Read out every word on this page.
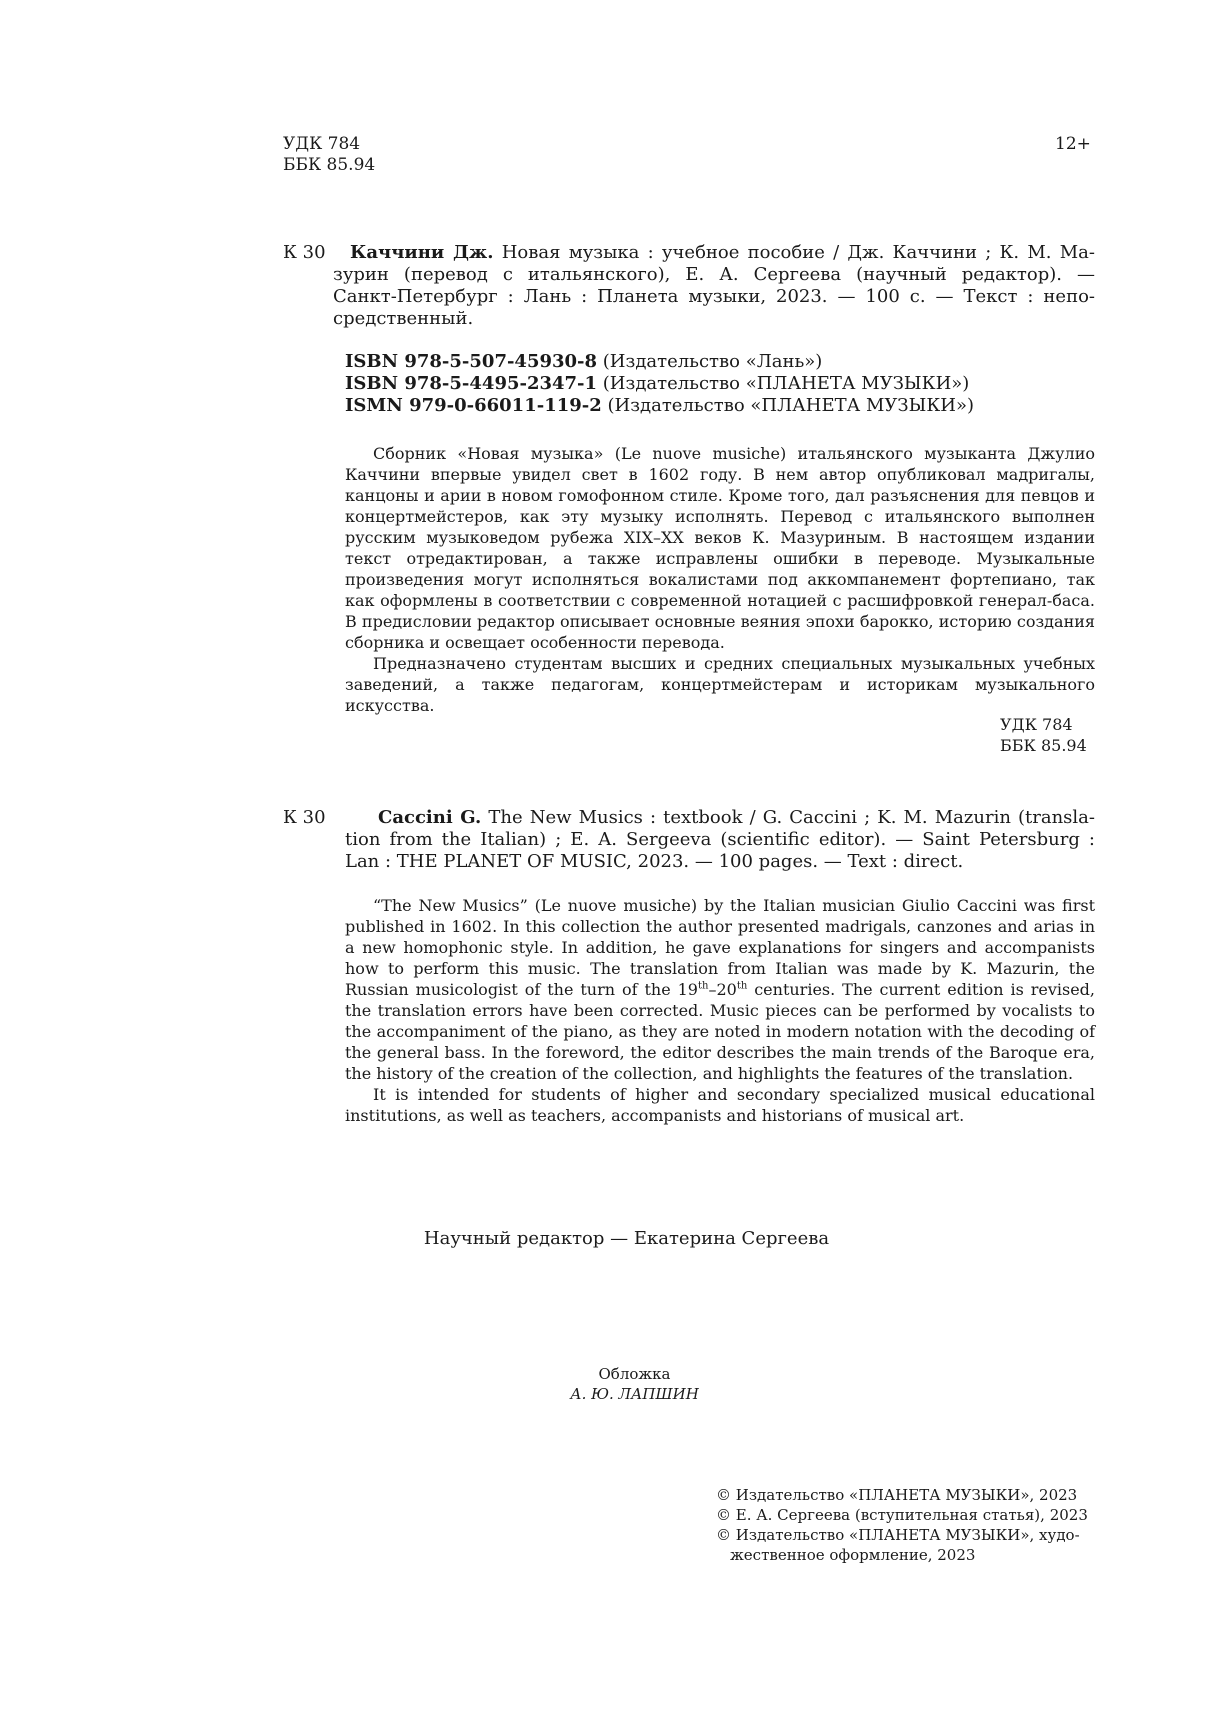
УДК 784
ББК 85.94
12+
К 30 Каччини Дж. Новая музыка : учебное пособие / Дж. Каччини ; К. М. Ма-
зурин (перевод с итальянского), Е. А. Сергеева (научный редактор). —
Санкт-Петербург : Лань : Планета музыки, 2023. — 100 с. — Текст : непо-
средственный.
ISBN 978-5-507-45930-8 (Издательство «Лань»)
ISBN 978-5-4495-2347-1 (Издательство «ПЛАНЕТА МУЗЫКИ»)
ISMN 979-0-66011-119-2 (Издательство «ПЛАНЕТА МУЗЫКИ»)

Сборник «Новая музыка» (Le nuove musiche) итальянского музыканта Джулио Каччини впервые увидел свет в 1602 году. В нем автор опубликовал мадригалы, канцоны и арии в новом гомофонном стиле. Кроме того, дал разъяснения для певцов и концертмейстеров, как эту музыку исполнять. Перевод с итальянского выполнен русским музыковедом рубежа XIX–XX веков К. Мазуриным. В настоящем издании текст отредактирован, а также исправлены ошибки в переводе. Музыкальные произведения могут исполняться вокалистами под аккомпанемент фортепиано, так как оформлены в соответствии с современной нотацией с расшифровкой генерал-баса. В предисловии редактор описывает основные веяния эпохи барокко, историю создания сборника и освещает особенности перевода.

Предназначено студентам высших и средних специальных музыкальных учебных заведений, а также педагогам, концертмейстерам и историкам музыкального искусства.

УДК 784
ББК 85.94
К 30	Caccini G. The New Musics : textbook / G. Caccini ; K. M. Mazurin (transla-
tion from the Italian) ; E. A. Sergeeva (scientific editor). — Saint Petersburg :
Lan : THE PLANET OF MUSIC, 2023. — 100 pages. — Text : direct.

“The New Musics” (Le nuove musiche) by the Italian musician Giulio Caccini was first published in 1602. In this collection the author presented madrigals, canzones and arias in a new homophonic style. In addition, he gave explanations for singers and accompanists how to perform this music. The translation from Italian was made by K. Mazurin, the Russian musicologist of the turn of the 19th–20th centuries. The current edition is revised, the translation errors have been corrected. Music pieces can be performed by vocalists to the accompaniment of the piano, as they are noted in modern notation with the decoding of the general bass. In the foreword, the editor describes the main trends of the Baroque era, the history of the creation of the collection, and highlights the features of the translation.

It is intended for students of higher and secondary specialized musical educational institutions, as well as teachers, accompanists and historians of musical art.

Научный редактор — Екатерина Сергеева
Обложка
А. Ю. ЛАПШИН
© Издательство «ПЛАНЕТА МУЗЫКИ», 2023
© Е. А. Сергеева (вступительная статья), 2023
© Издательство «ПЛАНЕТА МУЗЫКИ», худо-
жественное оформление, 2023
